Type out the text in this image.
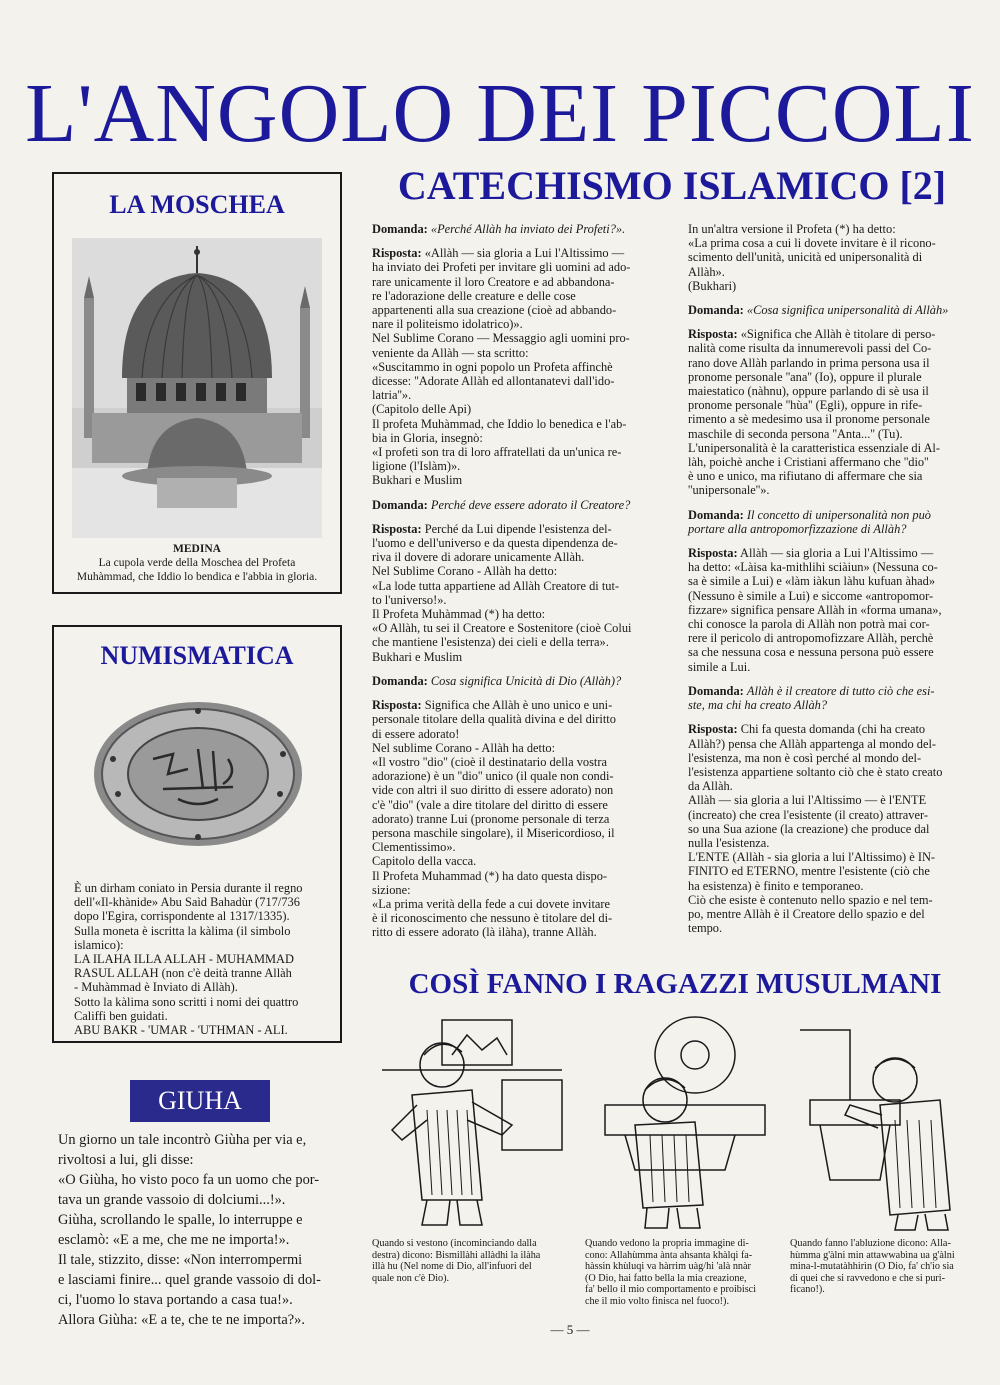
L'ANGOLO DEI PICCOLI
LA MOSCHEA
MEDINA
La cupola verde della Moschea del Profeta
Muhàmmad, che Iddio lo bendica e l'abbia in gloria.
NUMISMATICA
È un dirham coniato in Persia durante il regno
dell'«Il-khànide» Abu Saìd Bahadùr (717/736
dopo l'Egira, corrispondente al 1317/1335).
Sulla moneta è iscritta la kàlima (il simbolo
islamico):
LA ILAHA ILLA ALLAH - MUHAMMAD
RASUL ALLAH (non c'è deità tranne Allàh
- Muhàmmad è Inviato di Allàh).
Sotto la kàlima sono scritti i nomi dei quattro
Califfi ben guidati.
ABU BAKR - 'UMAR - 'UTHMAN - ALI.
GIUHA
Un giorno un tale incontrò Giùha per via e,
rivoltosi a lui, gli disse:
«O Giùha, ho visto poco fa un uomo che por-
tava un grande vassoio di dolciumi...!».
Giùha, scrollando le spalle, lo interruppe e
esclamò: «E a me, che me ne importa!».
Il tale, stizzito, disse: «Non interrompermi
e lasciami finire... quel grande vassoio di dol-
ci, l'uomo lo stava portando a casa tua!».
Allora Giùha: «E a te, che te ne importa?».
CATECHISMO ISLAMICO [2]

Domanda: «Perché Allàh ha inviato dei Profeti?».

Risposta: «Allàh — sia gloria a Lui l'Altissimo —
ha inviato dei Profeti per invitare gli uomini ad ado-
rare unicamente il loro Creatore e ad abbandona-
re l'adorazione delle creature e delle cose
appartenenti alla sua creazione (cioè ad abbando-
nare il politeismo idolatrico)».
Nel Sublime Corano — Messaggio agli uomini pro-
veniente da Allàh — sta scritto:
«Suscitammo in ogni popolo un Profeta affinchè
dicesse: ''Adorate Allàh ed allontanatevi dall'ido-
latria''».
(Capitolo delle Api)
Il profeta Muhàmmad, che Iddio lo benedica e l'ab-
bia in Gloria, insegnò:
«I profeti son tra di loro affratellati da un'unica re-
ligione (l'Islàm)».
Bukhari e Muslim

Domanda: Perché deve essere adorato il Creatore?

Risposta: Perché da Lui dipende l'esistenza del-
l'uomo e dell'universo e da questa dipendenza de-
riva il dovere di adorare unicamente Allàh.
Nel Sublime Corano - Allàh ha detto:
«La lode tutta appartiene ad Allàh Creatore di tut-
to l'universo!».
Il Profeta Muhàmmad (*) ha detto:
«O Allàh, tu sei il Creatore e Sostenitore (cioè Colui
che mantiene l'esistenza) dei cieli e della terra».
Bukhari e Muslim

Domanda: Cosa significa Unicità di Dio (Allàh)?

Risposta: Significa che Allàh è uno unico e uni-
personale titolare della qualità divina e del diritto
di essere adorato!
Nel sublime Corano - Allàh ha detto:
«Il vostro ''dio'' (cioè il destinatario della vostra
adorazione) è un ''dio'' unico (il quale non condi-
vide con altri il suo diritto di essere adorato) non
c'è ''dio'' (vale a dire titolare del diritto di essere
adorato) tranne Lui (pronome personale di terza
persona maschile singolare), il Misericordioso, il
Clementissimo».
Capitolo della vacca.
Il Profeta Muhammad (*) ha dato questa dispo-
sizione:
«La prima verità della fede a cui dovete invitare
è il riconoscimento che nessuno è titolare del di-
ritto di essere adorato (là ilàha), tranne Allàh.

In un'altra versione il Profeta (*) ha detto:
«La prima cosa a cui li dovete invitare è il ricono-
scimento dell'unità, unicità ed unipersonalità di
Allàh».
(Bukhari)

Domanda: «Cosa significa unipersonalità di Allàh»

Risposta: «Significa che Allàh è titolare di perso-
nalità come risulta da innumerevoli passi del Co-
rano dove Allàh parlando in prima persona usa il
pronome personale ''ana'' (Io), oppure il plurale
maiestatico (nàhnu), oppure parlando di sè usa il
pronome personale ''hùa'' (Egli), oppure in rife-
rimento a sè medesimo usa il pronome personale
maschile di seconda persona ''Anta...'' (Tu).
L'unipersonalità è la caratteristica essenziale di Al-
làh, poichè anche i Cristiani affermano che ''dio''
è uno e unico, ma rifiutano di affermare che sia
''unipersonale''».

Domanda: Il concetto di unipersonalità non può
portare alla antropomorfizzazione di Allàh?

Risposta: Allàh — sia gloria a Lui l'Altissimo —
ha detto: «Làisa ka-mithlihi sciàiun» (Nessuna co-
sa è simile a Lui) e «làm iàkun làhu kufuan àhad»
(Nessuno è simile a Lui) e siccome «antropomor-
fizzare» significa pensare Allàh in «forma umana»,
chi conosce la parola di Allàh non potrà mai cor-
rere il pericolo di antropomofizzare Allàh, perchè
sa che nessuna cosa e nessuna persona può essere
simile a Lui.

Domanda: Allàh è il creatore di tutto ciò che esi-
ste, ma chi ha creato Allàh?

Risposta: Chi fa questa domanda (chi ha creato
Allàh?) pensa che Allàh appartenga al mondo del-
l'esistenza, ma non è così perché al mondo del-
l'esistenza appartiene soltanto ciò che è stato creato
da Allàh.
Allàh — sia gloria a lui l'Altissimo — è l'ENTE
(increato) che crea l'esistente (il creato) attraver-
so una Sua azione (la creazione) che produce dal
nulla l'esistenza.
L'ENTE (Allàh - sia gloria a lui l'Altissimo) è IN-
FINITO ed ETERNO, mentre l'esistente (ciò che
ha esistenza) è finito e temporaneo.
Ciò che esiste è contenuto nello spazio e nel tem-
po, mentre Allàh è il Creatore dello spazio e del
tempo.

COSÌ FANNO I RAGAZZI MUSULMANI
Quando si vestono (incominciando dalla
destra) dicono: Bismillàhi allàdhi la ilàha
illà hu (Nel nome di Dio, all'infuori del
quale non c'è Dio).
Quando vedono la propria immagine di-
cono: Allahùmma ànta ahsanta khàlqi fa-
hàssin khùluqi va hàrrim uàg/hi 'alà nnàr
(O Dio, hai fatto bella la mia creazione,
fa' bello il mio comportamento e proibisci
che il mio volto finisca nel fuoco!).
Quando fanno l'abluzione dicono: Alla-
hùmma g'àlni min attawwabìna ua g'àlni
mina-l-mutatàhhirìn (O Dio, fa' ch'io sia
di quei che si ravvedono e che si puri-
ficano!).
— 5 —
